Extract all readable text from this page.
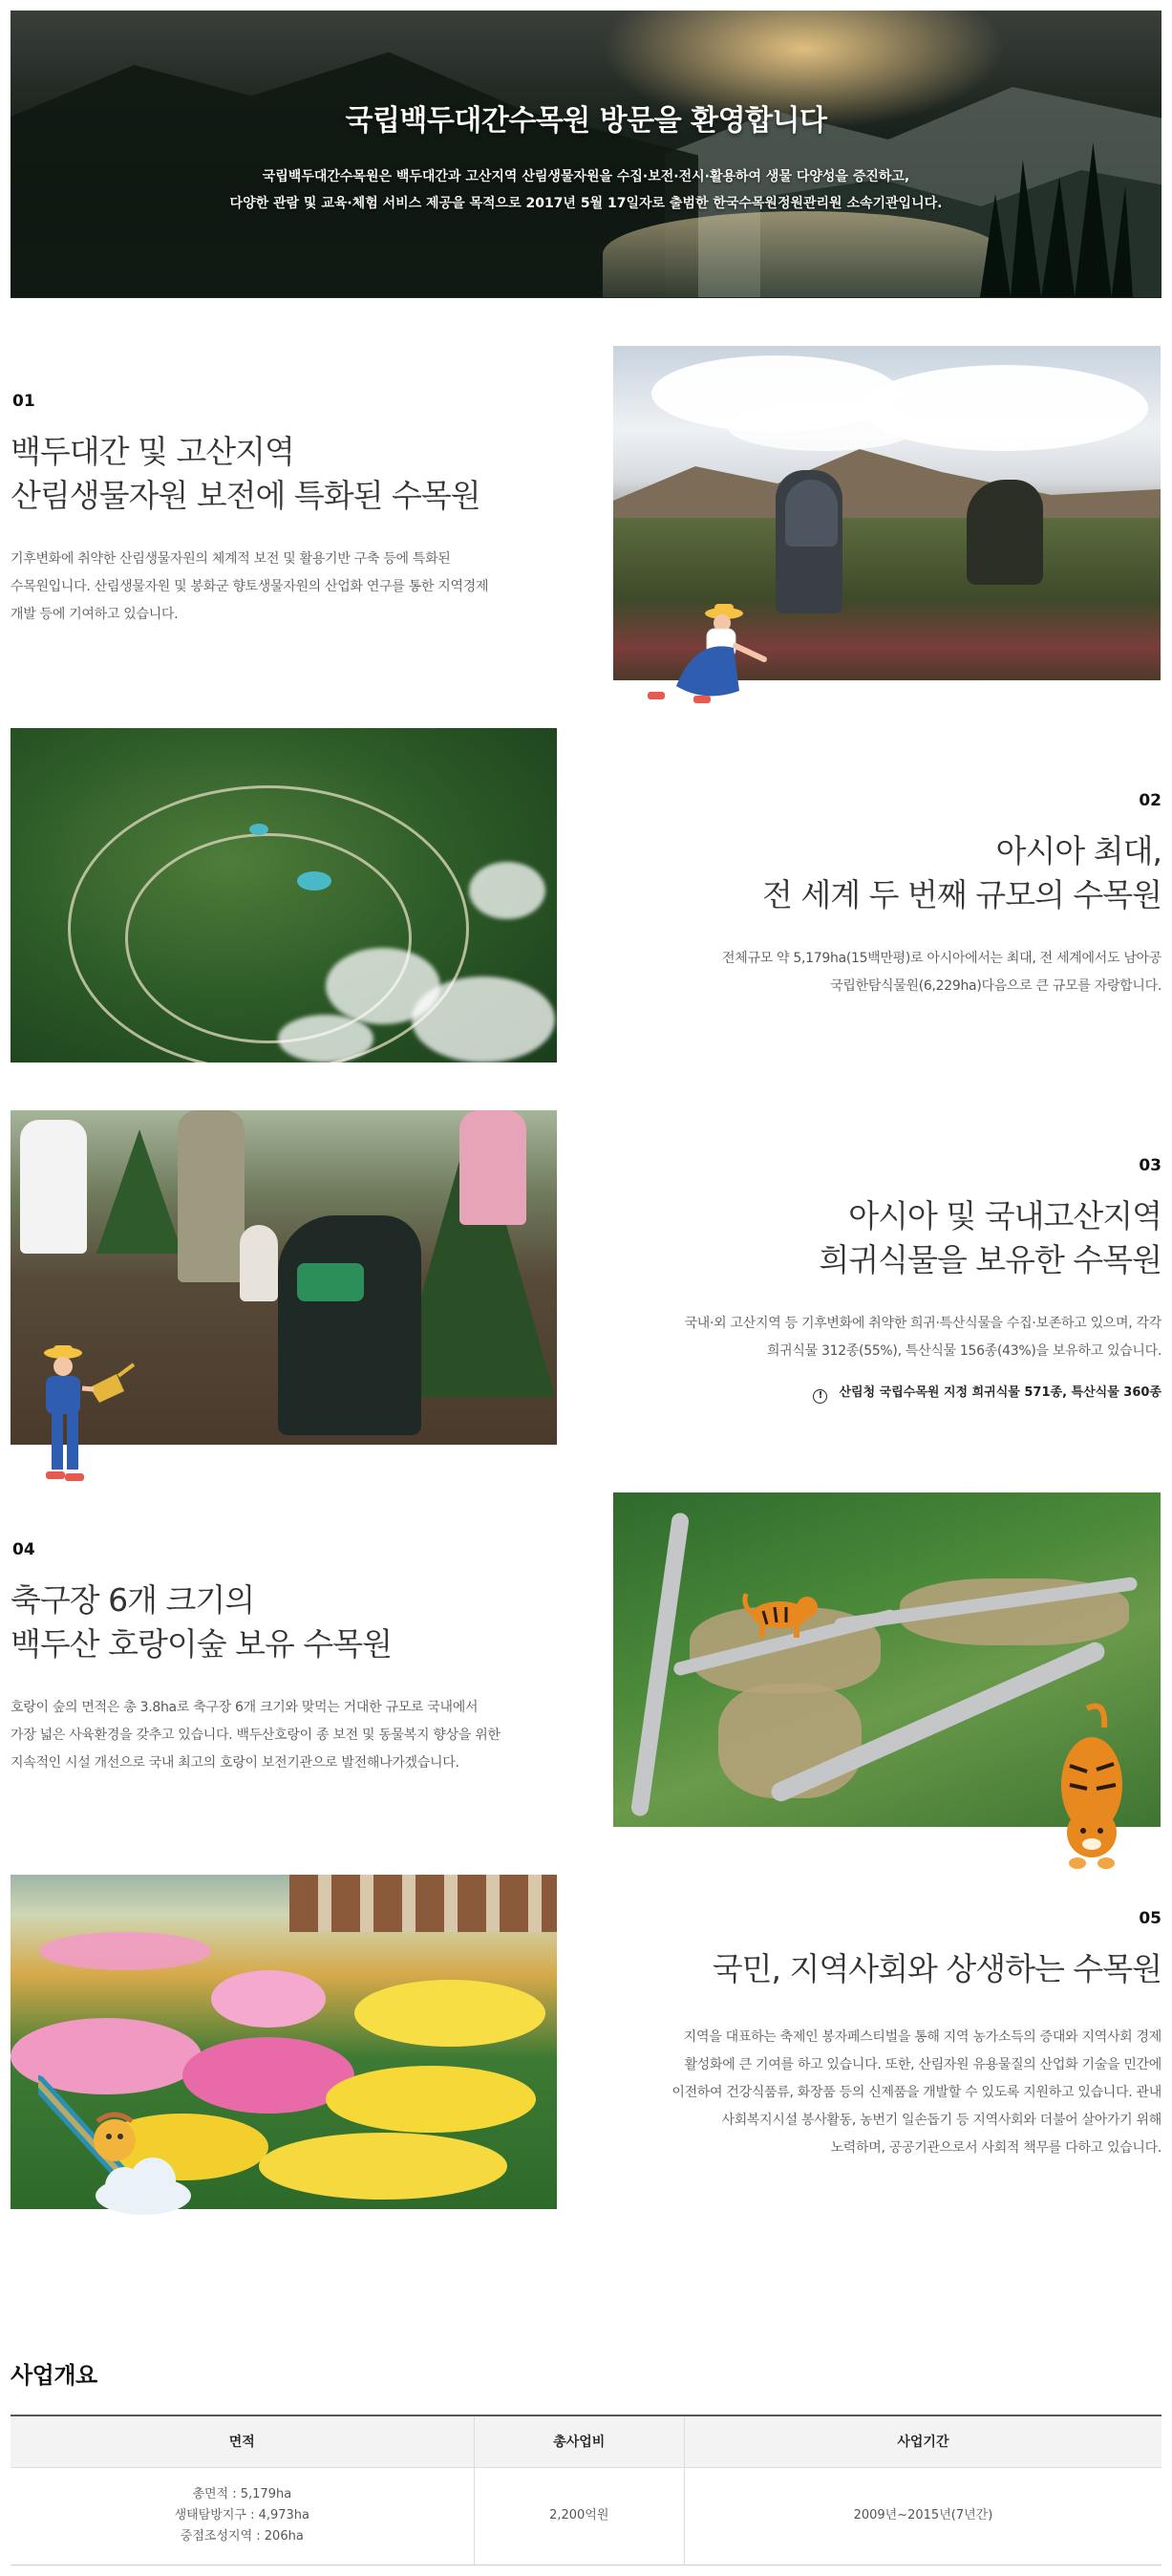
국립백두대간수목원 방문을 환영합니다
국립백두대간수목원은 백두대간과 고산지역 산림생물자원을 수집·보전·전시·활용하여 생물 다양성을 증진하고,
다양한 관람 및 교육·체험 서비스 제공을 목적으로 2017년 5월 17일자로 출범한 한국수목원정원관리원 소속기관입니다.
01
백두대간 및 고산지역
산림생물자원 보전에 특화된 수목원
기후변화에 취약한 산림생물자원의 체계적 보전 및 활용기반 구축 등에 특화된
수목원입니다. 산림생물자원 및 봉화군 향토생물자원의 산업화 연구를 통한 지역경제
개발 등에 기여하고 있습니다.
02
아시아 최대,
전 세계 두 번째 규모의 수목원
전체규모 약 5,179ha(15백만평)로 아시아에서는 최대, 전 세계에서도 남아공
국립한탐식물원(6,229ha)다음으로 큰 규모를 자랑합니다.
03
아시아 및 국내고산지역
희귀식물을 보유한 수목원
국내·외 고산지역 등 기후변화에 취약한 희귀·특산식물을 수집·보존하고 있으며, 각각
희귀식물 312종(55%), 특산식물 156종(43%)을 보유하고 있습니다.
! 산림청 국립수목원 지정 희귀식물 571종, 특산식물 360종
04
축구장 6개 크기의
백두산 호랑이숲 보유 수목원
호랑이 숲의 면적은 총 3.8ha로 축구장 6개 크기와 맞먹는 거대한 규모로 국내에서
가장 넓은 사육환경을 갖추고 있습니다. 백두산호랑이 종 보전 및 동물복지 향상을 위한
지속적인 시설 개선으로 국내 최고의 호랑이 보전기관으로 발전해나가겠습니다.
05
국민, 지역사회와 상생하는 수목원
지역을 대표하는 축제인 봉자페스티벌을 통해 지역 농가소득의 증대와 지역사회 경제
활성화에 큰 기여를 하고 있습니다. 또한, 산림자원 유용물질의 산업화 기술을 민간에
이전하여 건강식품류, 화장품 등의 신제품을 개발할 수 있도록 지원하고 있습니다. 관내
사회복지시설 봉사활동, 농번기 일손돕기 등 지역사회와 더불어 살아가기 위해
노력하며, 공공기관으로서 사회적 책무를 다하고 있습니다.
사업개요
면적	총사업비	사업기간

총면적 : 5,179ha
생태탐방지구 : 4,973ha
중점조성지역 : 206ha	2,200억원	2009년~2015년(7년간)
